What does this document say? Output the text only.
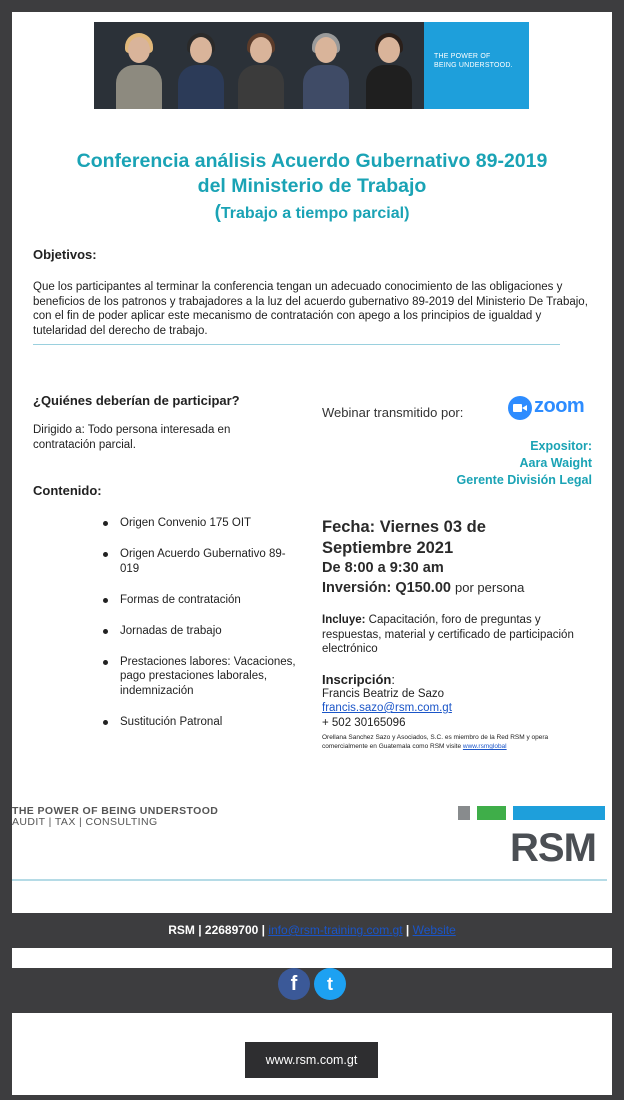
THE POWER OF
BEING UNDERSTOOD.
Conferencia análisis Acuerdo Gubernativo 89-2019
del Ministerio de Trabajo
(Trabajo a tiempo parcial)
Objetivos:
Que los participantes al terminar la conferencia tengan un adecuado conocimiento de las obligaciones y beneficios de los patronos y trabajadores a la luz del acuerdo gubernativo 89-2019 del Ministerio De Trabajo, con el fin de poder aplicar este mecanismo de contratación con apego a los principios de igualdad y tutelaridad del derecho de trabajo.
¿Quiénes deberían de participar?
Dirigido a: Todo persona interesada en contratación parcial.
Contenido:
Origen Convenio 175 OIT
Origen Acuerdo Gubernativo 89-019
Formas de contratación
Jornadas de trabajo
Prestaciones labores: Vacaciones, pago prestaciones laborales, indemnización
Sustitución Patronal
Webinar transmitido por:	zoom
Expositor:
Aara Waight
Gerente División Legal
Fecha: Viernes 03 de Septiembre 2021
De 8:00 a 9:30 am
Inversión: Q150.00 por persona
Incluye: Capacitación, foro de preguntas y respuestas, material y certificado de participación electrónico
Inscripción:
Francis Beatriz de Sazo
francis.sazo@rsm.com.gt
+ 502 30165096
Orellana Sanchez Sazo y Asociados, S.C. es miembro de la Red RSM y opera comercialmente en Guatemala como RSM visite www.rsmglobal
THE POWER OF BEING UNDERSTOOD
AUDIT | TAX | CONSULTING
RSM
RSM | 22689700 | info@rsm-training.com.gt | Website
f	t
www.rsm.com.gt
